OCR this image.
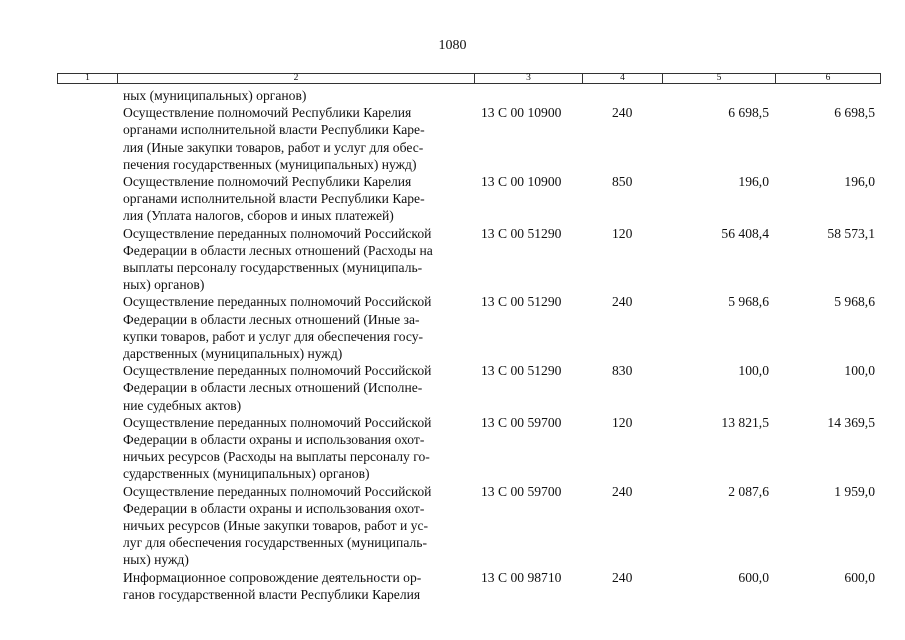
1080
1	2	3	4	5	6
ных (муниципальных) органов)
Осуществление полномочий Республики Карелия
органами исполнительной власти Республики Каре-
лия (Иные закупки товаров, работ и услуг для обес-
печения государственных (муниципальных) нужд)
13 С 00 10900	240	6 698,5	6 698,5
Осуществление полномочий Республики Карелия
органами исполнительной власти Республики Каре-
лия (Уплата налогов, сборов и иных платежей)
13 С 00 10900	850	196,0	196,0
Осуществление переданных полномочий Российской
Федерации в области лесных отношений (Расходы на
выплаты персоналу государственных (муниципаль-
ных) органов)
13 С 00 51290	120	56 408,4	58 573,1
Осуществление переданных полномочий Российской
Федерации в области лесных отношений (Иные за-
купки товаров, работ и услуг для обеспечения госу-
дарственных (муниципальных) нужд)
13 С 00 51290	240	5 968,6	5 968,6
Осуществление переданных полномочий Российской
Федерации в области лесных отношений (Исполне-
ние судебных актов)
13 С 00 51290	830	100,0	100,0
Осуществление переданных полномочий Российской
Федерации в области охраны и использования охот-
ничьих ресурсов (Расходы на выплаты персоналу го-
сударственных (муниципальных) органов)
13 С 00 59700	120	13 821,5	14 369,5
Осуществление переданных полномочий Российской
Федерации в области охраны и использования охот-
ничьих ресурсов (Иные закупки товаров, работ и ус-
луг для обеспечения государственных (муниципаль-
ных) нужд)
13 С 00 59700	240	2 087,6	1 959,0
Информационное сопровождение деятельности ор-
ганов государственной власти Республики Карелия
13 С 00 98710	240	600,0	600,0
